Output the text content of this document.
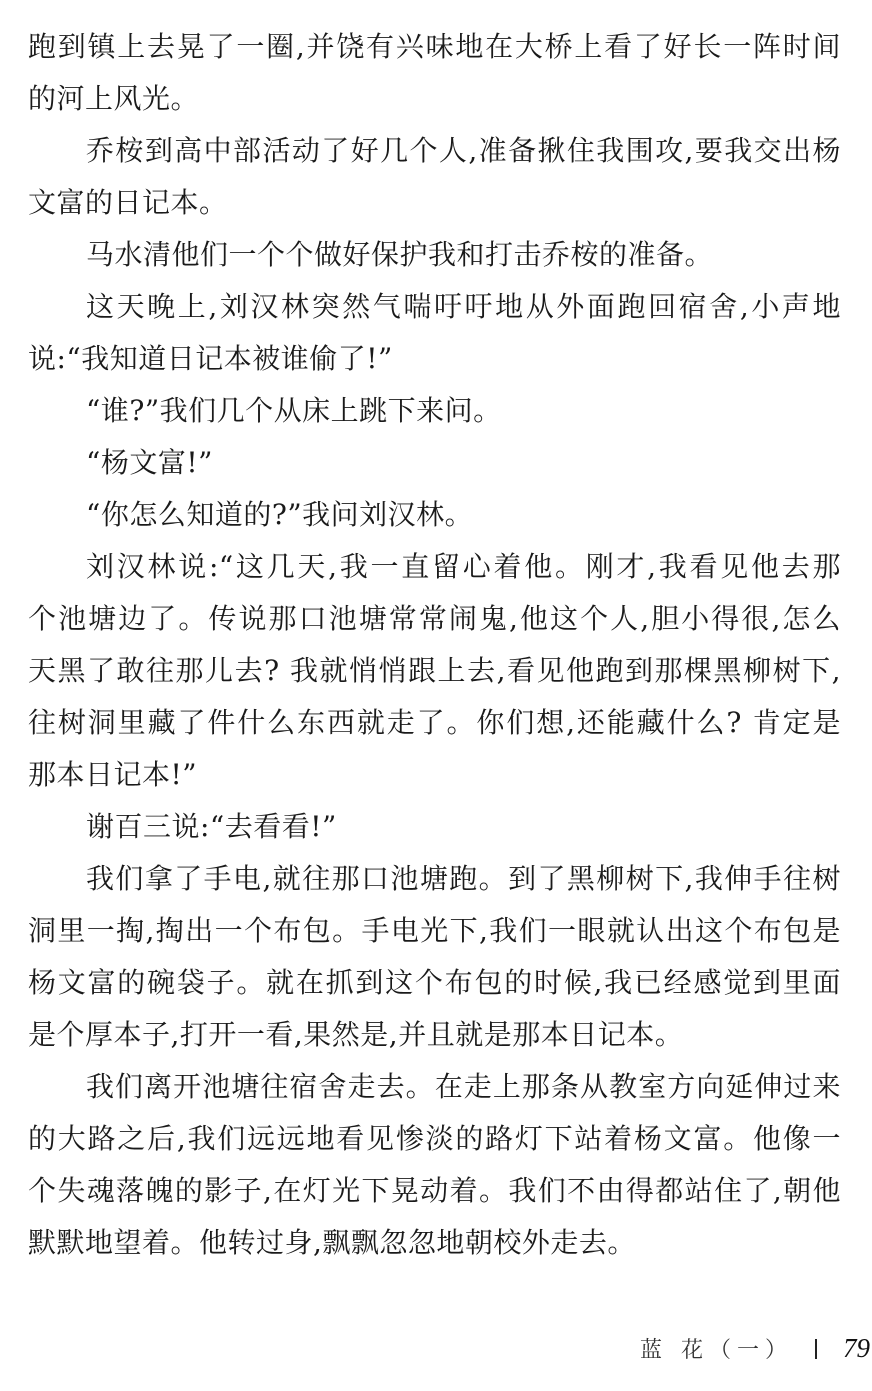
跑到镇上去晃了一圈,并饶有兴味地在大桥上看了好长一阵时间
的河上风光。
乔桉到高中部活动了好几个人,准备揪住我围攻,要我交出杨
文富的日记本。
马水清他们一个个做好保护我和打击乔桉的准备。
这天晚上,刘汉林突然气喘吁吁地从外面跑回宿舍,小声地
说:“我知道日记本被谁偷了!”
“谁?”我们几个从床上跳下来问。
“杨文富!”
“你怎么知道的?”我问刘汉林。
刘汉林说:“这几天,我一直留心着他。刚才,我看见他去那
个池塘边了。传说那口池塘常常闹鬼,他这个人,胆小得很,怎么
天黑了敢往那儿去? 我就悄悄跟上去,看见他跑到那棵黑柳树下,
往树洞里藏了件什么东西就走了。你们想,还能藏什么? 肯定是
那本日记本!”
谢百三说:“去看看!”
我们拿了手电,就往那口池塘跑。到了黑柳树下,我伸手往树
洞里一掏,掏出一个布包。手电光下,我们一眼就认出这个布包是
杨文富的碗袋子。就在抓到这个布包的时候,我已经感觉到里面
是个厚本子,打开一看,果然是,并且就是那本日记本。
我们离开池塘往宿舍走去。在走上那条从教室方向延伸过来
的大路之后,我们远远地看见惨淡的路灯下站着杨文富。他像一
个失魂落魄的影子,在灯光下晃动着。我们不由得都站住了,朝他
默默地望着。他转过身,飘飘忽忽地朝校外走去。
蓝 花（一） 79
